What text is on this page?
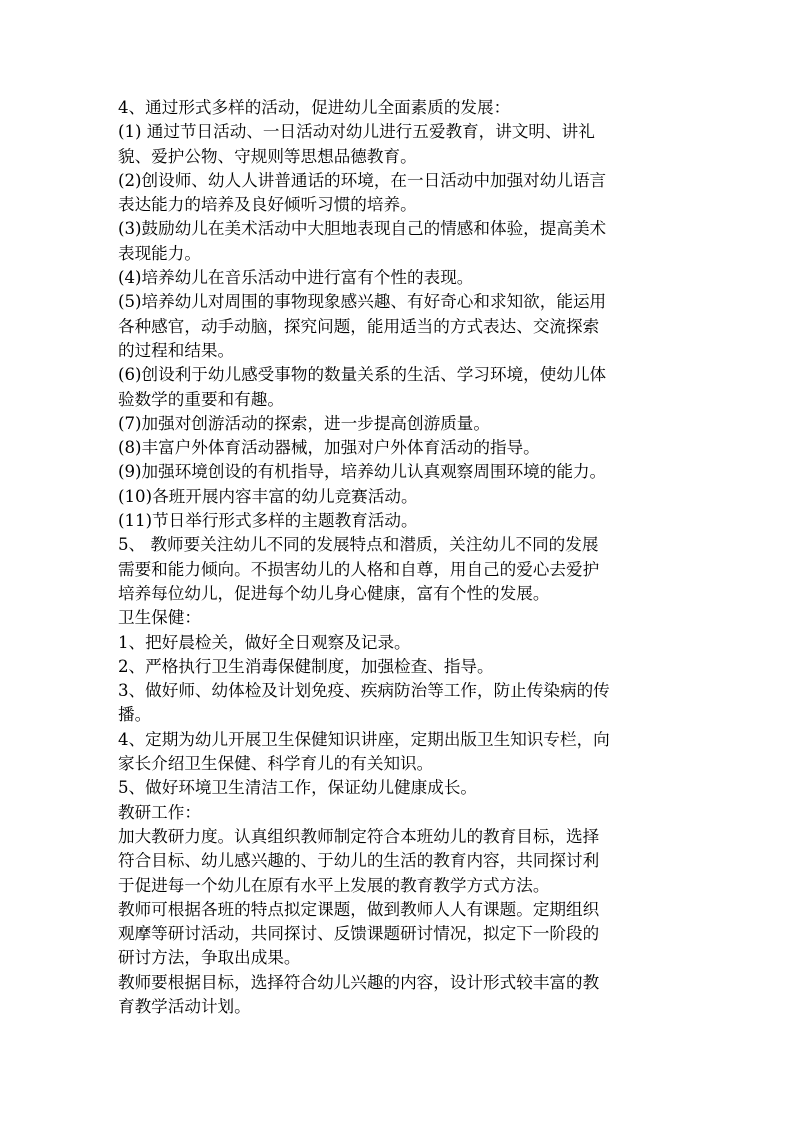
4、通过形式多样的活动，促进幼儿全面素质的发展：
(1) 通过节日活动、一日活动对幼儿进行五爱教育，讲文明、讲礼
貌、爱护公物、守规则等思想品德教育。
(2)创设师、幼人人讲普通话的环境，在一日活动中加强对幼儿语言
表达能力的培养及良好倾听习惯的培养。
(3)鼓励幼儿在美术活动中大胆地表现自己的情感和体验，提高美术
表现能力。
(4)培养幼儿在音乐活动中进行富有个性的表现。
(5)培养幼儿对周围的事物现象感兴趣、有好奇心和求知欲，能运用
各种感官，动手动脑，探究问题，能用适当的方式表达、交流探索
的过程和结果。
(6)创设利于幼儿感受事物的数量关系的生活、学习环境，使幼儿体
验数学的重要和有趣。
(7)加强对创游活动的探索，进一步提高创游质量。
(8)丰富户外体育活动器械，加强对户外体育活动的指导。
(9)加强环境创设的有机指导，培养幼儿认真观察周围环境的能力。
(10)各班开展内容丰富的幼儿竞赛活动。
(11)节日举行形式多样的主题教育活动。
5、 教师要关注幼儿不同的发展特点和潜质，关注幼儿不同的发展
需要和能力倾向。不损害幼儿的人格和自尊，用自己的爱心去爱护
培养每位幼儿，促进每个幼儿身心健康，富有个性的发展。
卫生保健：
1、把好晨检关，做好全日观察及记录。
2、严格执行卫生消毒保健制度，加强检查、指导。
3、做好师、幼体检及计划免疫、疾病防治等工作，防止传染病的传
播。
4、定期为幼儿开展卫生保健知识讲座，定期出版卫生知识专栏，向
家长介绍卫生保健、科学育儿的有关知识。
5、做好环境卫生清洁工作，保证幼儿健康成长。
教研工作：
加大教研力度。认真组织教师制定符合本班幼儿的教育目标，选择
符合目标、幼儿感兴趣的、于幼儿的生活的教育内容，共同探讨利
于促进每一个幼儿在原有水平上发展的教育教学方式方法。
教师可根据各班的特点拟定课题，做到教师人人有课题。定期组织
观摩等研讨活动，共同探讨、反馈课题研讨情况，拟定下一阶段的
研讨方法，争取出成果。
教师要根据目标，选择符合幼儿兴趣的内容，设计形式较丰富的教
育教学活动计划。
